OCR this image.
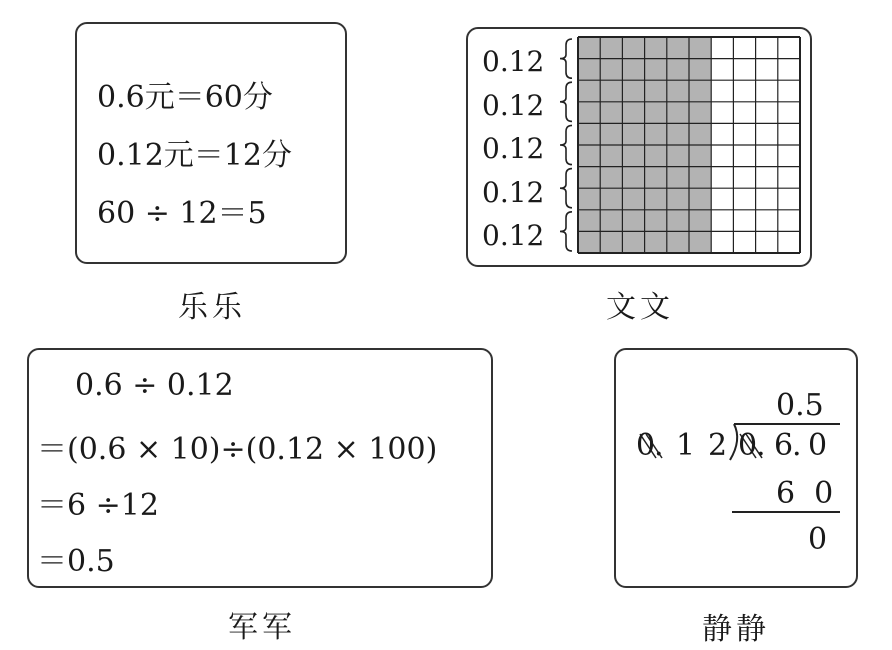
0.6元＝60分
0.12元＝12分
60 ÷ 12＝5
乐乐
0.12
0.12
0.12
0.12
0.12
文文
0.6 ÷ 0.12
＝(0.6 × 10)÷(0.12 × 100)
＝6 ÷12
＝0.5
军军
0.5
0
. 1 2 0
. 6
. 0
6  0
0
静静
